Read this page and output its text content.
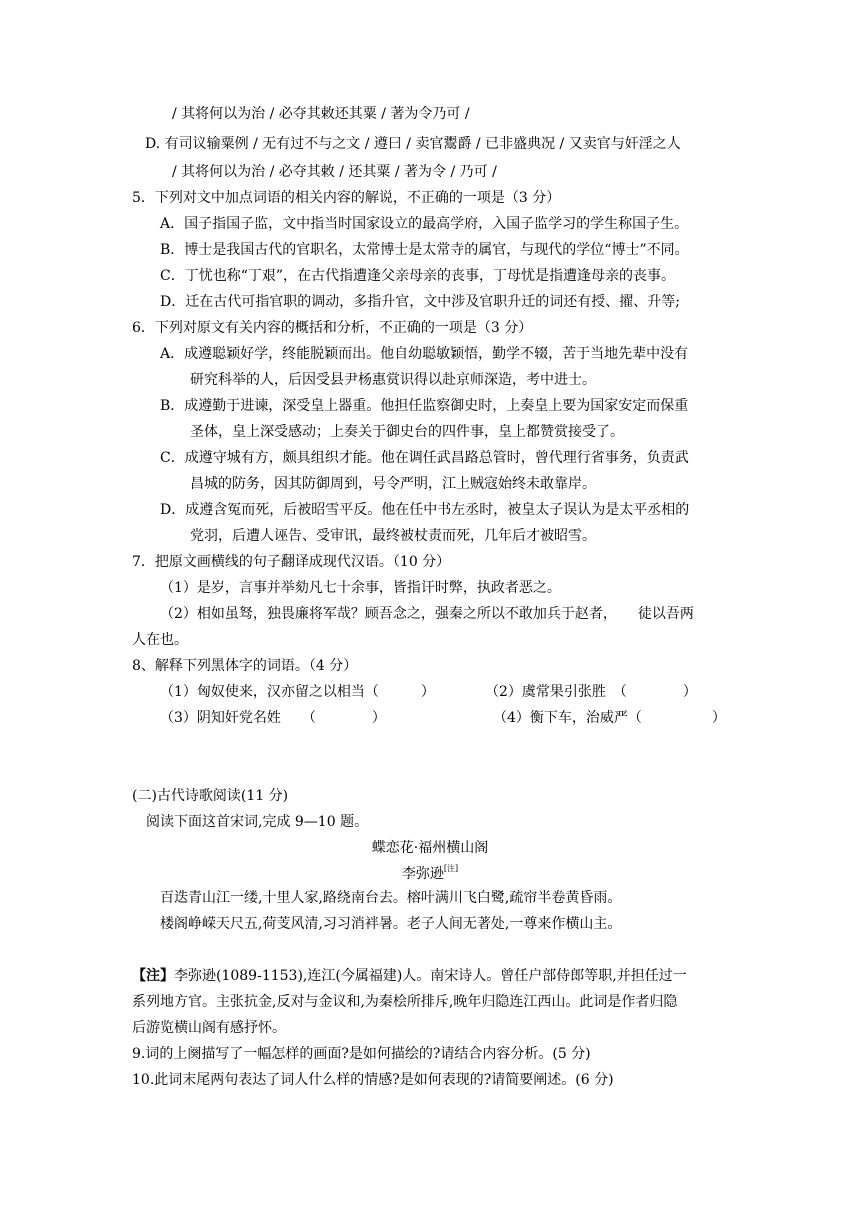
/ 其将何以为治 / 必夺其敕还其粟 / 著为令乃可 /
D. 有司议输粟例 / 无有过不与之文 / 遵曰 / 卖官鬻爵 / 已非盛典况 / 又卖官与奸淫之人
/ 其将何以为治 / 必夺其敕 / 还其粟 / 著为令 / 乃可 /
5．下列对文中加点词语的相关内容的解说，不正确的一项是（3 分）
A．国子指国子监，文中指当时国家设立的最高学府，入国子监学习的学生称国子生。
B．博士是我国古代的官职名，太常博士是太常寺的属官，与现代的学位“博士”不同。
C．丁忧也称“丁艰”，在古代指遭逢父亲母亲的丧事，丁母忧是指遭逢母亲的丧事。
D．迁在古代可指官职的调动，多指升官，文中涉及官职升迁的词还有授、擢、升等;
6．下列对原文有关内容的概括和分析，不正确的一项是（3 分）
A．成遵聪颖好学，终能脱颖而出。他自幼聪敏颖悟，勤学不辍，苦于当地先辈中没有
研究科举的人，后因受县尹杨惠赏识得以赴京师深造，考中进士。
B．成遵勤于进谏，深受皇上器重。他担任监察御史时，上奏皇上要为国家安定而保重
圣体，皇上深受感动；上奏关于御史台的四件事，皇上都赞赏接受了。
C．成遵守城有方，颇具组织才能。他在调任武昌路总管时，曾代理行省事务，负责武
昌城的防务，因其防御周到，号令严明，江上贼寇始终未敢靠岸。
D．成遵含冤而死，后被昭雪平反。他在任中书左丞时，被皇太子误认为是太平丞相的
党羽，后遭人诬告、受审讯，最终被杖责而死，几年后才被昭雪。
7．把原文画横线的句子翻译成现代汉语。（10 分）
（1）是岁，言事并举劾凡七十余事，皆指讦时弊，执政者恶之。
（2）相如虽驽，独畏廉将军哉？顾吾念之，强秦之所以不敢加兵于赵者，　　徒以吾两
人在也。
8、解释下列黑体字的词语。（4 分）
（1）匈奴使来，汉亦留之以相当（　　　）	（2）虞常果引张胜　（　　　　）
（3）阴知奸党名姓　　（　　　　）	（4）衡下车，治威严（　　　　　）
(二)古代诗歌阅读(11 分)
阅读下面这首宋词,完成 9—10 题。
蝶恋花·福州横山阁
李弥逊[注]
百迭青山江一缕,十里人家,路绕南台去。榕叶满川飞白鹭,疏帘半卷黄昏雨。
楼阁峥嵘天尺五,荷芰风清,习习消袢暑。老子人间无著处,一尊来作横山主。
【注】李弥逊(1089-1153),连江(今属福建)人。南宋诗人。曾任户部侍郎等职,并担任过一
系列地方官。主张抗金,反对与金议和,为秦桧所排斥,晚年归隐连江西山。此词是作者归隐
后游览横山阁有感抒怀。
9.词的上阕描写了一幅怎样的画面?是如何描绘的?请结合内容分析。(5 分)
10.此词末尾两句表达了词人什么样的情感?是如何表现的?请简要阐述。(6 分)
